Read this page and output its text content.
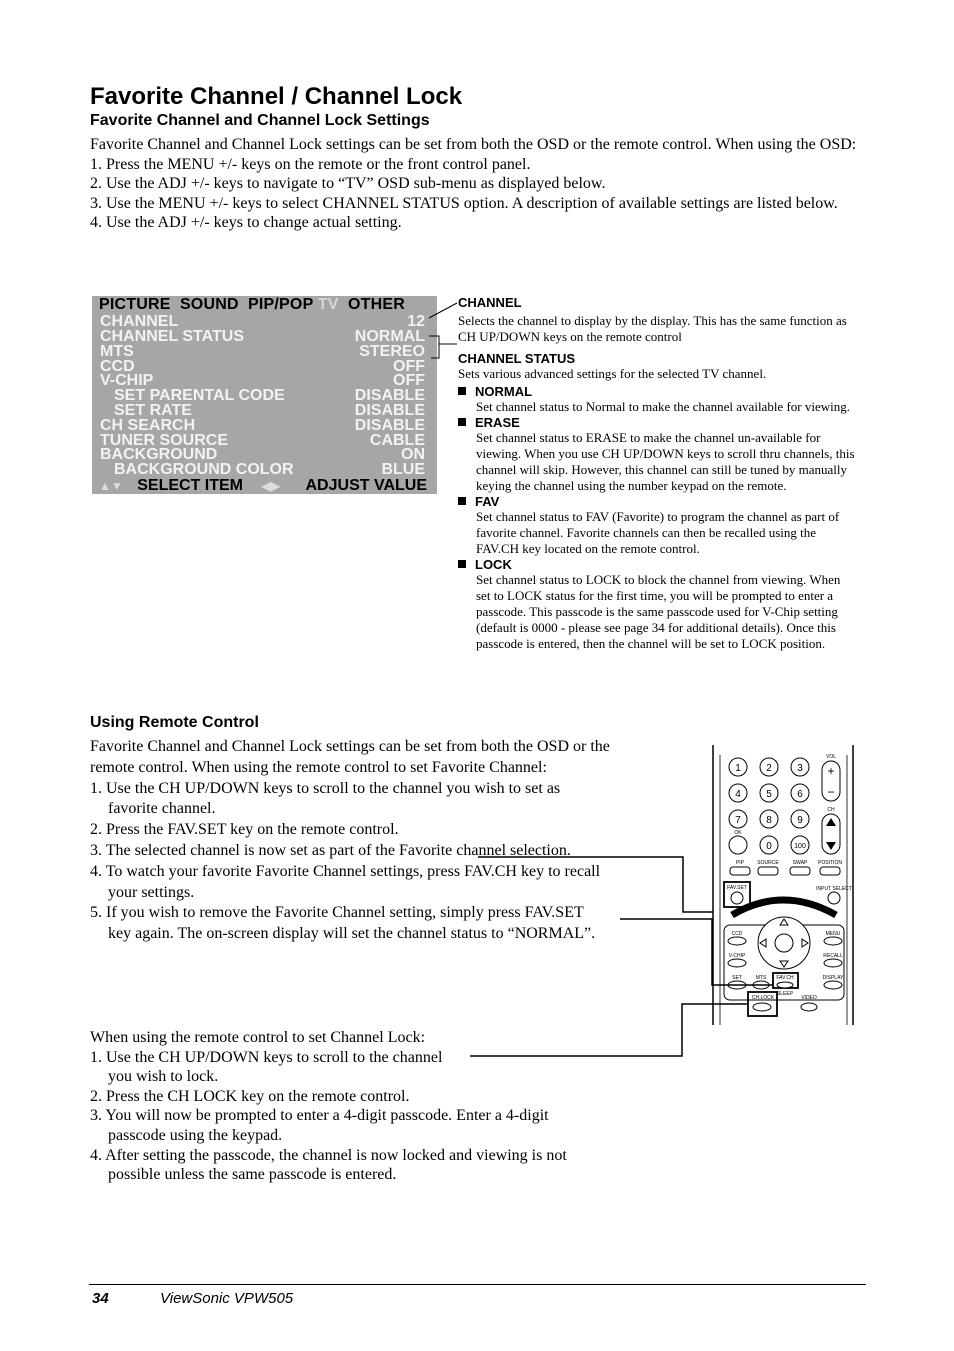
Favorite Channel / Channel Lock
Favorite Channel and Channel Lock Settings

Favorite Channel and Channel Lock settings can be set from both the OSD or the remote control. When using the OSD:

1. Press the MENU +/- keys on the remote or the front control panel.
2. Use the ADJ +/- keys to navigate to “TV” OSD sub-menu as displayed below.
3. Use the MENU +/- keys to select CHANNEL STATUS option. A description of available settings are listed below.
4. Use the ADJ +/- keys to change actual setting.
PICTURE SOUND PIP/POP TV OTHER
CHANNEL	12
CHANNEL STATUS	NORMAL
MTS	STEREO
CCD	OFF
V-CHIP	OFF
SET PARENTAL CODE	DISABLE
SET RATE	DISABLE
CH SEARCH	DISABLE
TUNER SOURCE	CABLE
BACKGROUND	ON
BACKGROUND COLOR	BLUE
▲▼ SELECT ITEM ◀▶ ADJUST VALUE

CHANNEL

Selects the channel to display by the display. This has the same function as CH UP/DOWN keys on the remote control

CHANNEL STATUS

Sets various advanced settings for the selected TV channel.

NORMAL

Set channel status to Normal to make the channel available for viewing.

ERASE

Set channel status to ERASE to make the channel un-available for viewing. When you use CH UP/DOWN keys to scroll thru channels, this channel will skip. However, this channel can still be tuned by manually keying the channel using the number keypad on the remote.

FAV

Set channel status to FAV (Favorite) to program the channel as part of favorite channel. Favorite channels can then be recalled using the FAV.CH key located on the remote control.

LOCK

Set channel status to LOCK to block the channel from viewing. When set to LOCK status for the first time, you will be prompted to enter a passcode. This passcode is the same passcode used for V-Chip setting (default is 0000 - please see page 34 for additional details). Once this passcode is entered, then the channel will be set to LOCK position.

Using Remote Control

Favorite Channel and Channel Lock settings can be set from both the OSD or the remote control. When using the remote control to set Favorite Channel:

1. Use the CH UP/DOWN keys to scroll to the channel you wish to set as favorite channel.
2. Press the FAV.SET key on the remote control.
3. The selected channel is now set as part of the Favorite channel selection.
4. To watch your favorite Favorite Channel settings, press FAV.CH key to recall your settings.
5. If you wish to remove the Favorite Channel setting, simply press FAV.SET key again. The on-screen display will set the channel status to “NORMAL”.

When using the remote control to set Channel Lock:

1. Use the CH UP/DOWN keys to scroll to the channel you wish to lock.
2. Press the CH LOCK key on the remote control.
3. You will now be prompted to enter a 4-digit passcode. Enter a 4-digit passcode using the keypad.
4. After setting the passcode, the channel is now locked and viewing is not possible unless the same passcode is entered.
1	2	3
4	5	6
7	8	9
OK
0	100
VOL
+
−
CH
PIP	SOURCE	SWAP POSITION
FAV.SET	INPUT SELECT
MENU/ADJ
CCD
V-CHIP
SET
MENU
RECALL
DISPLAY
MTS FAV.CH
SLEEP
CH.LOCK	VIDEO
34	ViewSonic VPW505
